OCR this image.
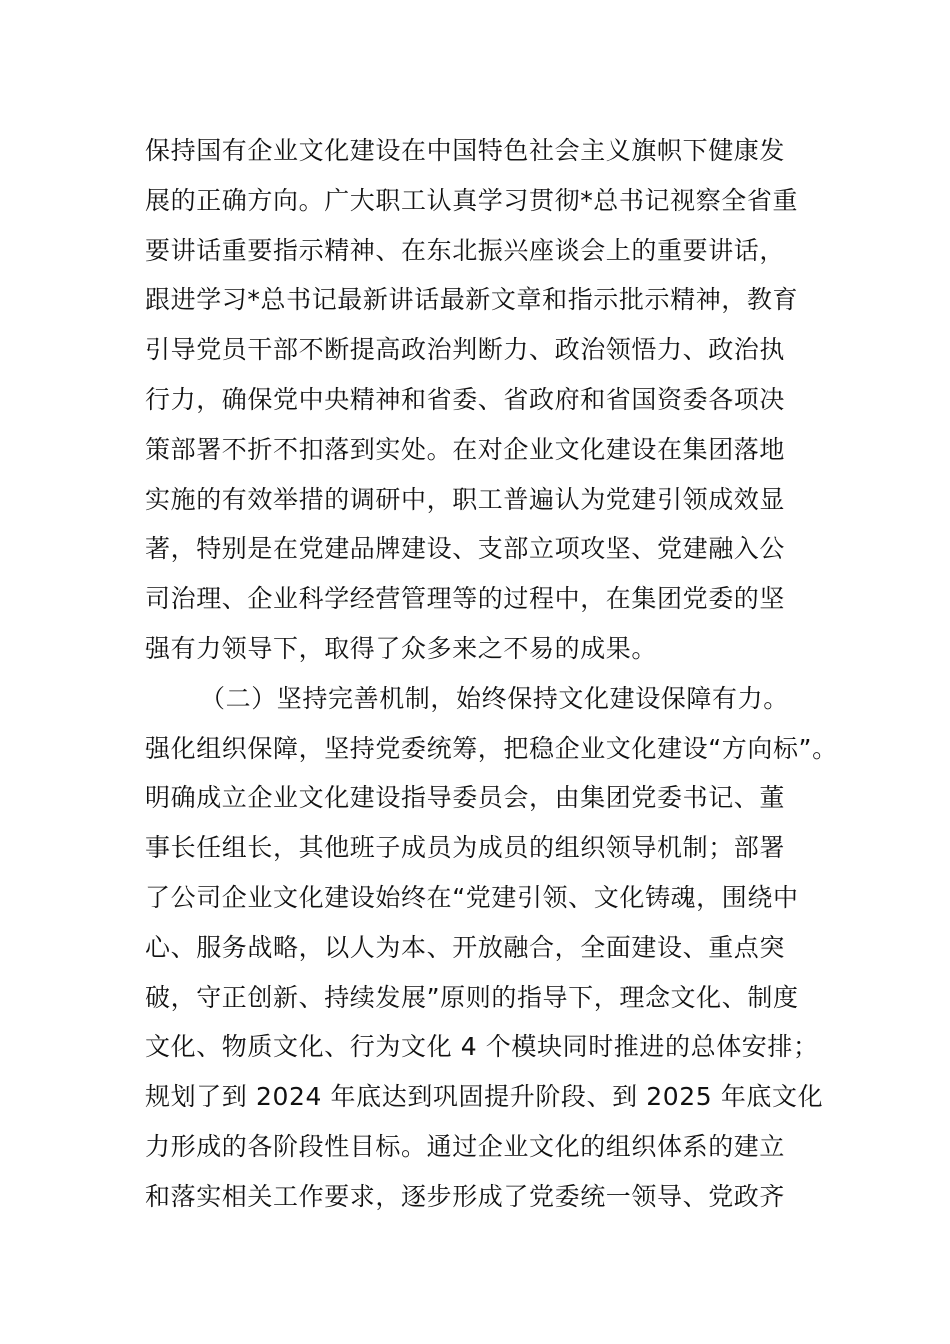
保持国有企业文化建设在中国特色社会主义旗帜下健康发
展的正确方向。广大职工认真学习贯彻*总书记视察全省重
要讲话重要指示精神、在东北振兴座谈会上的重要讲话，
跟进学习*总书记最新讲话最新文章和指示批示精神，教育
引导党员干部不断提高政治判断力、政治领悟力、政治执
行力，确保党中央精神和省委、省政府和省国资委各项决
策部署不折不扣落到实处。在对企业文化建设在集团落地
实施的有效举措的调研中，职工普遍认为党建引领成效显
著，特别是在党建品牌建设、支部立项攻坚、党建融入公
司治理、企业科学经营管理等的过程中，在集团党委的坚
强有力领导下，取得了众多来之不易的成果。
（二）坚持完善机制，始终保持文化建设保障有力。
强化组织保障，坚持党委统筹，把稳企业文化建设“方向标”。
明确成立企业文化建设指导委员会，由集团党委书记、董
事长任组长，其他班子成员为成员的组织领导机制；部署
了公司企业文化建设始终在“党建引领、文化铸魂，围绕中
心、服务战略，以人为本、开放融合，全面建设、重点突
破，守正创新、持续发展”原则的指导下，理念文化、制度
文化、物质文化、行为文化 4 个模块同时推进的总体安排；
规划了到 2024 年底达到巩固提升阶段、到 2025 年底文化
力形成的各阶段性目标。通过企业文化的组织体系的建立
和落实相关工作要求，逐步形成了党委统一领导、党政齐
